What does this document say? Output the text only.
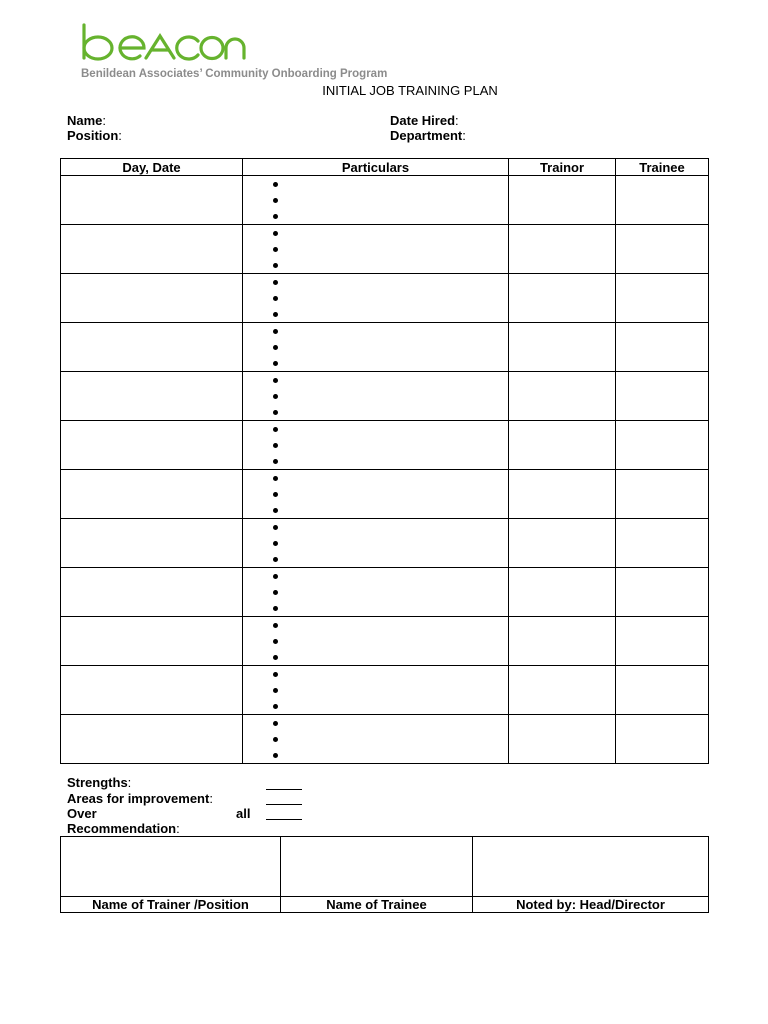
Benildean Associates’ Community Onboarding Program
INITIAL JOB TRAINING PLAN
Name:
Position:
Date Hired:
Department:
Day, Date	Particulars	Trainor	Trainee

Strengths:
Areas for improvement:
Over	all
Recommendation:

Name of Trainer /Position	Name of Trainee	Noted by: Head/Director
